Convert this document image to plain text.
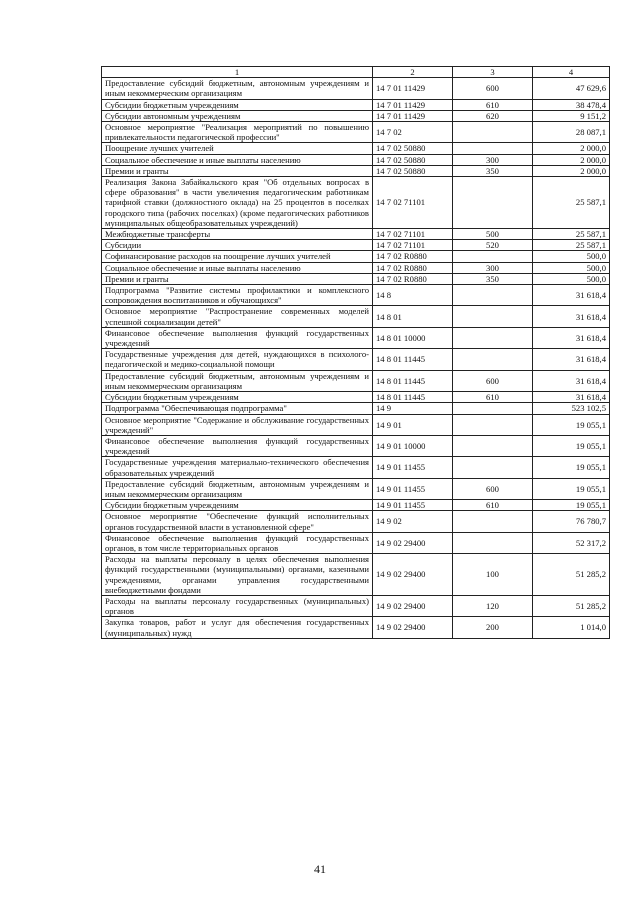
1	2	3	4
Предоставление субсидий бюджетным, автономным учреждениям и иным некоммерческим организациям	14 7 01 11429	600	47 629,6
Субсидии бюджетным учреждениям	14 7 01 11429	610	38 478,4
Субсидии автономным учреждениям	14 7 01 11429	620	9 151,2
Основное мероприятие "Реализация мероприятий по повышению привлекательности педагогической профессии"	14 7 02		28 087,1
Поощрение лучших учителей	14 7 02 50880		2 000,0
Социальное обеспечение и иные выплаты населению	14 7 02 50880	300	2 000,0
Премии и гранты	14 7 02 50880	350	2 000,0
Реализация Закона Забайкальского края "Об отдельных вопросах в сфере образования" в части увеличения педагогическим работникам тарифной ставки (должностного оклада) на 25 процентов в поселках городского типа (рабочих поселках) (кроме педагогических работников муниципальных общеобразовательных учреждений)	14 7 02 71101		25 587,1
Межбюджетные трансферты	14 7 02 71101	500	25 587,1
Субсидии	14 7 02 71101	520	25 587,1
Софинансирование расходов на поощрение лучших учителей	14 7 02 R0880		500,0
Социальное обеспечение и иные выплаты населению	14 7 02 R0880	300	500,0
Премии и гранты	14 7 02 R0880	350	500,0
Подпрограмма "Развитие системы профилактики и комплексного сопровождения воспитанников и обучающихся"	14 8		31 618,4
Основное мероприятие "Распространение современных моделей успешной социализации детей"	14 8 01		31 618,4
Финансовое обеспечение выполнения функций государственных учреждений	14 8 01 10000		31 618,4
Государственные учреждения для детей, нуждающихся в психолого-педагогической и медико-социальной помощи	14 8 01 11445		31 618,4
Предоставление субсидий бюджетным, автономным учреждениям и иным некоммерческим организациям	14 8 01 11445	600	31 618,4
Субсидии бюджетным учреждениям	14 8 01 11445	610	31 618,4
Подпрограмма "Обеспечивающая подпрограмма"	14 9		523 102,5
Основное мероприятие "Содержание и обслуживание государственных учреждений"	14 9 01		19 055,1
Финансовое обеспечение выполнения функций государственных учреждений	14 9 01 10000		19 055,1
Государственные учреждения материально-технического обеспечения образовательных учреждений	14 9 01 11455		19 055,1
Предоставление субсидий бюджетным, автономным учреждениям и иным некоммерческим организациям	14 9 01 11455	600	19 055,1
Субсидии бюджетным учреждениям	14 9 01 11455	610	19 055,1
Основное мероприятие "Обеспечение функций исполнительных органов государственной власти в установленной сфере"	14 9 02		76 780,7
Финансовое обеспечение выполнения функций государственных органов, в том числе территориальных органов	14 9 02 29400		52 317,2
Расходы на выплаты персоналу в целях обеспечения выполнения функций государственными (муниципальными) органами, казенными учреждениями, органами управления государственными внебюджетными фондами	14 9 02 29400	100	51 285,2
Расходы на выплаты персоналу государственных (муниципальных) органов	14 9 02 29400	120	51 285,2
Закупка товаров, работ и услуг для обеспечения государственных (муниципальных) нужд	14 9 02 29400	200	1 014,0
41
